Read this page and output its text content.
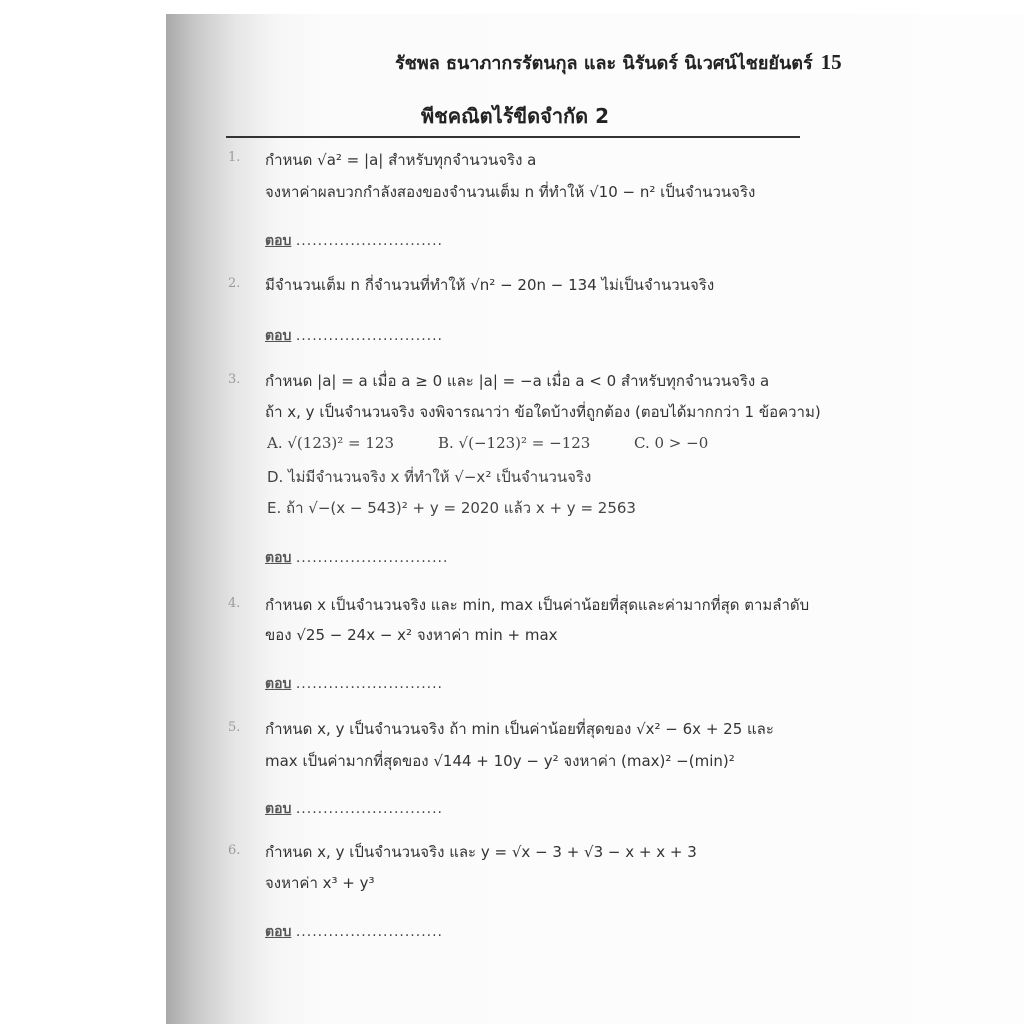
รัชพล ธนาภากรรัตนกุล และ นิรันดร์ นิเวศน์ไชยยันตร์ 15
พีชคณิตไร้ขีดจำกัด 2
1. กำหนด √a² = |a| สำหรับทุกจำนวนจริง a
จงหาค่าผลบวกกำลังสองของจำนวนเต็ม n ที่ทำให้ √10 − n² เป็นจำนวนจริง
ตอบ ...........................
2. มีจำนวนเต็ม n กี่จำนวนที่ทำให้ √n² − 20n − 134 ไม่เป็นจำนวนจริง
ตอบ ...........................
3. กำหนด |a| = a เมื่อ a ≥ 0 และ |a| = −a เมื่อ a < 0 สำหรับทุกจำนวนจริง a
ถ้า x, y เป็นจำนวนจริง จงพิจารณาว่า ข้อใดบ้างที่ถูกต้อง (ตอบได้มากกว่า 1 ข้อความ)
A. √(123)² = 123	B. √(−123)² = −123	C. 0 > −0
D. ไม่มีจำนวนจริง x ที่ทำให้ √−x² เป็นจำนวนจริง
E. ถ้า √−(x − 543)² + y = 2020 แล้ว x + y = 2563
ตอบ ............................
4. กำหนด x เป็นจำนวนจริง และ min, max เป็นค่าน้อยที่สุดและค่ามากที่สุด ตามลำดับ
ของ √25 − 24x − x² จงหาค่า min + max
ตอบ ...........................
5. กำหนด x, y เป็นจำนวนจริง ถ้า min เป็นค่าน้อยที่สุดของ √x² − 6x + 25 และ
max เป็นค่ามากที่สุดของ √144 + 10y − y² จงหาค่า (max)² −(min)²
ตอบ ...........................
6. กำหนด x, y เป็นจำนวนจริง และ y = √x − 3 + √3 − x + x + 3
จงหาค่า x³ + y³
ตอบ ...........................
